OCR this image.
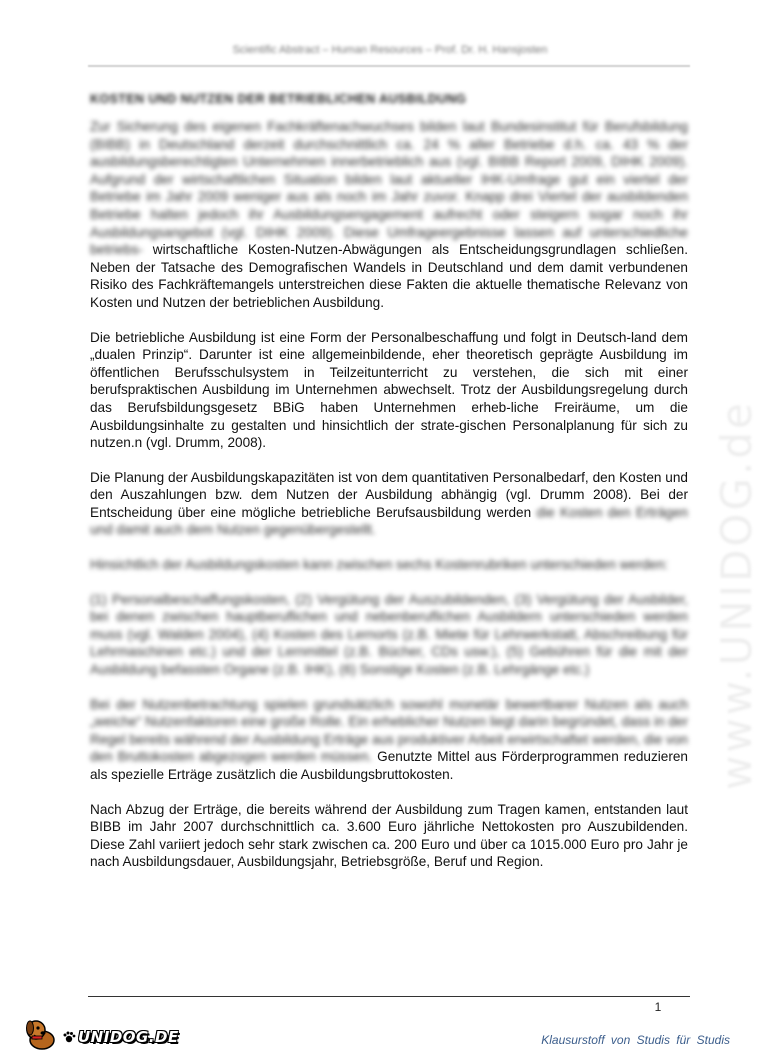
Scientific Abstract – Human Resources – Prof. Dr. H. Hansjosten
KOSTEN UND NUTZEN DER BETRIEBLICHEN AUSBILDUNG

Zur Sicherung des eigenen Fachkräftenachwuchses bilden laut Bundesinstitut für Berufsbildung (BIBB) in Deutschland derzeit durchschnittlich ca. 24 % aller Betriebe d.h. ca. 43 % der ausbildungsberechtigten Unternehmen innerbetrieblich aus (vgl. BIBB Report 2009, DIHK 2009). Aufgrund der wirtschaftlichen Situation bilden laut aktueller IHK-Umfrage gut ein viertel der Betriebe im Jahr 2009 weniger aus als noch im Jahr zuvor. Knapp drei Viertel der ausbildenden Betriebe halten jedoch ihr Ausbildungsengagement aufrecht oder steigern sogar noch ihr Ausbildungsangebot (vgl. DIHK 2009). Diese Umfrageergebnisse lassen auf unterschiedliche betriebs- wirtschaftliche Kosten-Nutzen-Abwägungen als Entscheidungsgrundlagen schließen. Neben der Tatsache des Demografischen Wandels in Deutschland und dem damit verbundenen Risiko des Fachkräftemangels unterstreichen diese Fakten die aktuelle thematische Relevanz von Kosten und Nutzen der betrieblichen Ausbildung.

Die betriebliche Ausbildung ist eine Form der Personalbeschaffung und folgt in Deutsch-land dem „dualen Prinzip“. Darunter ist eine allgemeinbildende, eher theoretisch geprägte Ausbildung im öffentlichen Berufsschulsystem in Teilzeitunterricht zu verstehen, die sich mit einer berufspraktischen Ausbildung im Unternehmen abwechselt. Trotz der Ausbildungsregelung durch das Berufsbildungsgesetz BBiG haben Unternehmen erheb-liche Freiräume, um die Ausbildungsinhalte zu gestalten und hinsichtlich der strate-gischen Personalplanung für sich zu nutzen.n (vgl. Drumm, 2008).

Die Planung der Ausbildungskapazitäten ist von dem quantitativen Personalbedarf, den Kosten und den Auszahlungen bzw. dem Nutzen der Ausbildung abhängig (vgl. Drumm 2008). Bei der Entscheidung über eine mögliche betriebliche Berufsausbildung werden die Kosten den Erträgen und damit auch dem Nutzen gegenübergestellt.

Hinsichtlich der Ausbildungskosten kann zwischen sechs Kostenrubriken unterschieden werden:

(1) Personalbeschaffungskosten, (2) Vergütung der Auszubildenden, (3) Vergütung der Ausbilder, bei denen zwischen hauptberuflichen und nebenberuflichen Ausbildern unterschieden werden muss (vgl. Walden 2004), (4) Kosten des Lernorts (z.B. Miete für Lehrwerkstatt, Abschreibung für Lehrmaschinen etc.) und der Lernmittel (z.B. Bücher, CDs usw.), (5) Gebühren für die mit der Ausbildung befassten Organe (z.B. IHK), (6) Sonstige Kosten (z.B. Lehrgänge etc.)

Bei der Nutzenbetrachtung spielen grundsätzlich sowohl monetär bewertbarer Nutzen als auch „weiche“ Nutzenfaktoren eine große Rolle. Ein erheblicher Nutzen liegt darin begründet, dass in der Regel bereits während der Ausbildung Erträge aus produktiver Arbeit erwirtschaftet werden, die von den Bruttokosten abgezogen werden müssen. Genutzte Mittel aus Förderprogrammen reduzieren als spezielle Erträge zusätzlich die Ausbildungsbruttokosten.

Nach Abzug der Erträge, die bereits während der Ausbildung zum Tragen kamen, entstanden laut BIBB im Jahr 2007 durchschnittlich ca. 3.600 Euro jährliche Nettokosten pro Auszubildenden. Diese Zahl variiert jedoch sehr stark zwischen ca. 200 Euro und über ca 1015.000 Euro pro Jahr je nach Ausbildungsdauer, Ausbildungsjahr, Betriebsgröße, Beruf und Region.

www.UNIDOG.de
1
UNIDOG.DE	Klausurstoff von Studis für Studis
